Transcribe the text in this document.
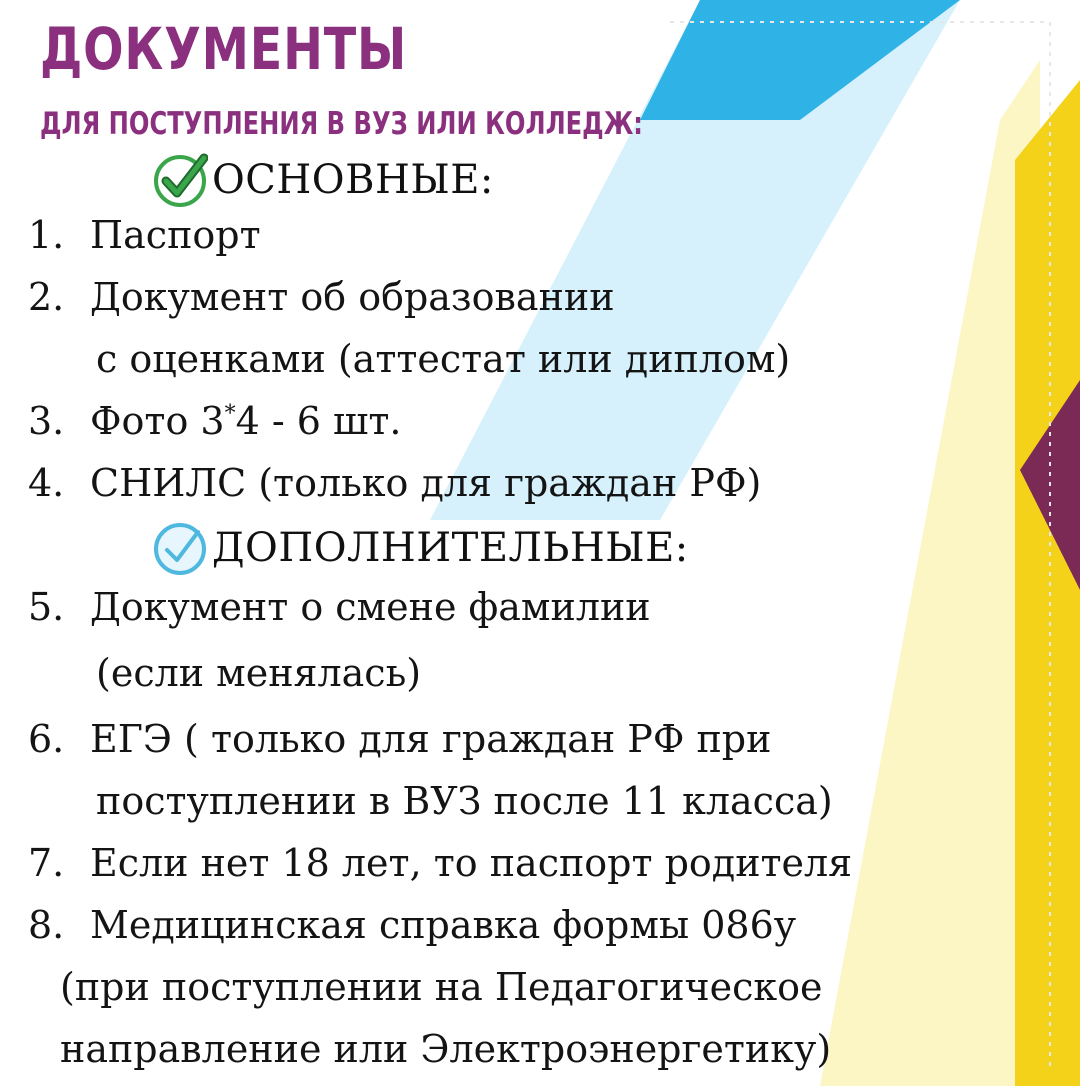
ДОКУМЕНТЫ
ДЛЯ ПОСТУПЛЕНИЯ В ВУЗ ИЛИ КОЛЛЕДЖ:
ОСНОВНЫЕ:
1. Паспорт
2. Документ об образовании
с оценками (аттестат или диплом)
3. Фото 3*4 - 6 шт.
4. СНИЛС (только для граждан РФ)
ДОПОЛНИТЕЛЬНЫЕ:
5. Документ о смене фамилии
(если менялась)
6. ЕГЭ ( только для граждан РФ при
поступлении в ВУЗ после 11 класса)
7. Если нет 18 лет, то паспорт родителя
8. Медицинская справка формы 086у
(при поступлении на Педагогическое
направление или Электроэнергетику)
